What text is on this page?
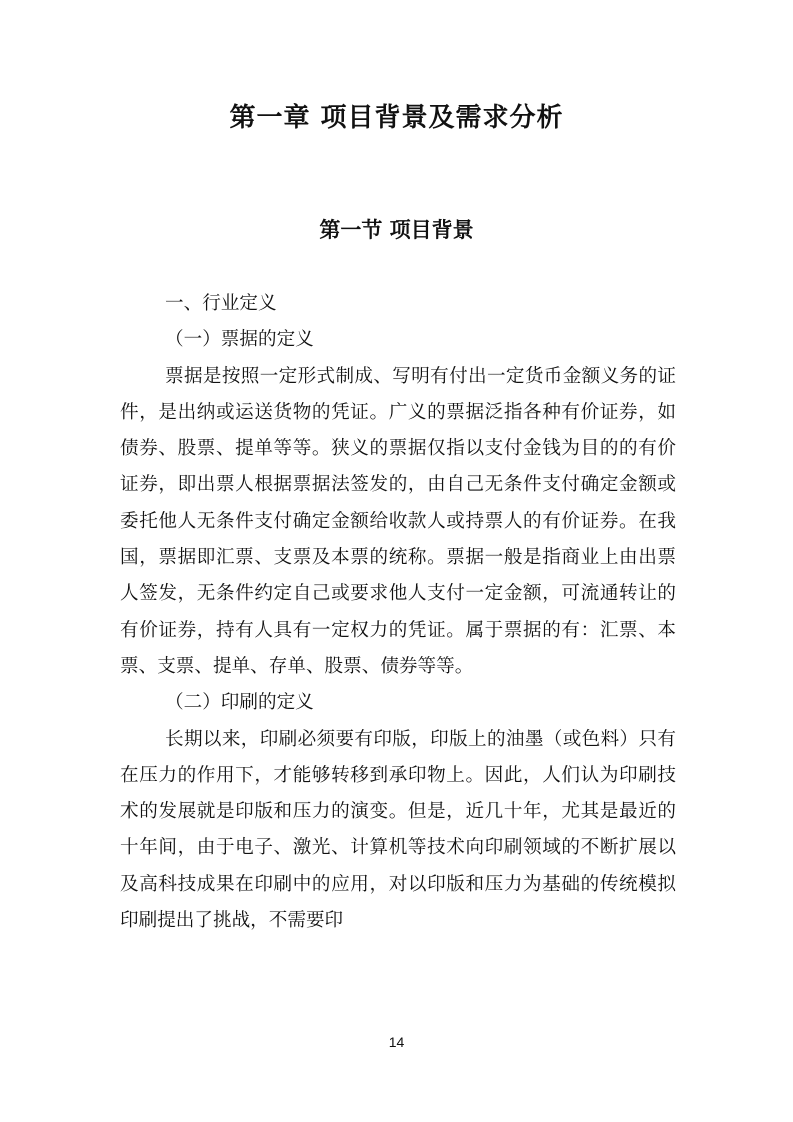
第一章 项目背景及需求分析
第一节 项目背景

一、行业定义

（一）票据的定义

票据是按照一定形式制成、写明有付出一定货币金额义务的证件，是出纳或运送货物的凭证。广义的票据泛指各种有价证券，如债券、股票、提单等等。狭义的票据仅指以支付金钱为目的的有价证券，即出票人根据票据法签发的，由自己无条件支付确定金额或委托他人无条件支付确定金额给收款人或持票人的有价证券。在我国，票据即汇票、支票及本票的统称。票据一般是指商业上由出票人签发，无条件约定自己或要求他人支付一定金额，可流通转让的有价证券，持有人具有一定权力的凭证。属于票据的有：汇票、本票、支票、提单、存单、股票、债券等等。

（二）印刷的定义

长期以来，印刷必须要有印版，印版上的油墨（或色料）只有在压力的作用下，才能够转移到承印物上。因此，人们认为印刷技术的发展就是印版和压力的演变。但是，近几十年，尤其是最近的十年间，由于电子、激光、计算机等技术向印刷领域的不断扩展以及高科技成果在印刷中的应用，对以印版和压力为基础的传统模拟印刷提出了挑战，不需要印

14
